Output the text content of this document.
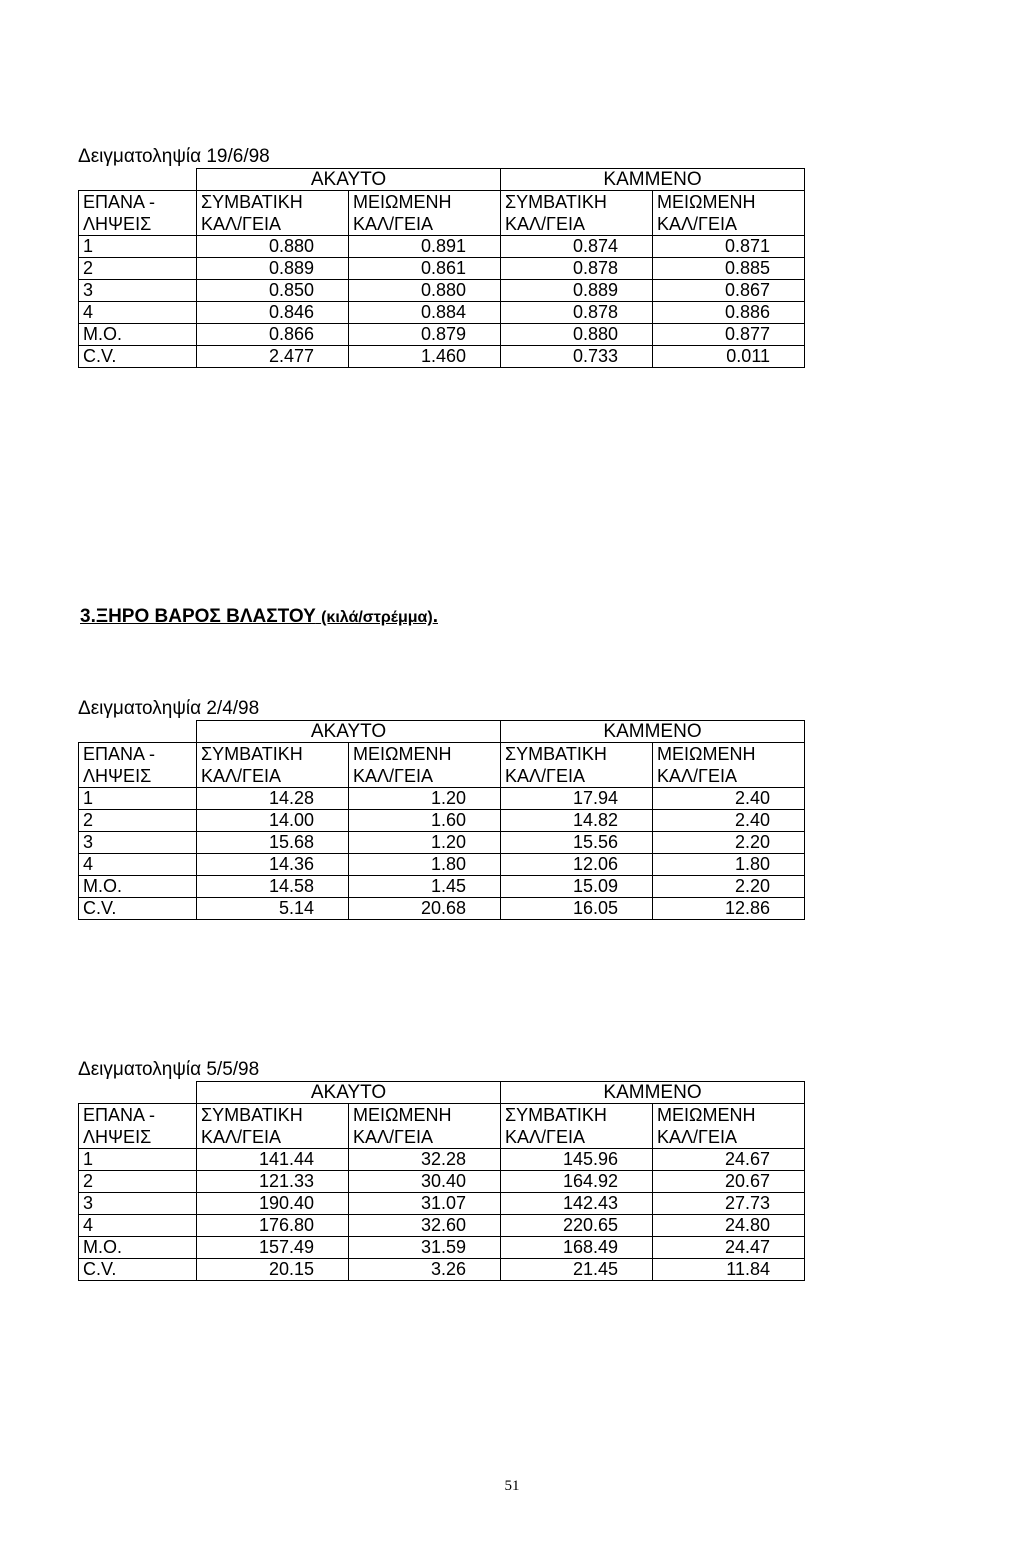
Δειγματοληψία 19/6/98

	ΑΚΑΥΤΟ		ΚΑΜΜΕΝΟ	
ΕΠΑΝΑ -	ΣΥΜΒΑΤΙΚΗ	ΜΕΙΩΜΕΝΗ	ΣΥΜΒΑΤΙΚΗ	ΜΕΙΩΜΕΝΗ
ΛΗΨΕΙΣ	ΚΑΛ/ΓΕΙΑ	ΚΑΛ/ΓΕΙΑ	ΚΑΛ/ΓΕΙΑ	ΚΑΛ/ΓΕΙΑ
1	0.880	0.891	0.874	0.871
2	0.889	0.861	0.878	0.885
3	0.850	0.880	0.889	0.867
4	0.846	0.884	0.878	0.886
Μ.Ο.	0.866	0.879	0.880	0.877
C.V.	2.477	1.460	0.733	0.011
3.ΞΗΡΟ ΒΑΡΟΣ ΒΛΑΣΤΟΥ (κιλά/στρέμμα).

Δειγματοληψία 2/4/98

	ΑΚΑΥΤΟ		ΚΑΜΜΕΝΟ	
ΕΠΑΝΑ -	ΣΥΜΒΑΤΙΚΗ	ΜΕΙΩΜΕΝΗ	ΣΥΜΒΑΤΙΚΗ	ΜΕΙΩΜΕΝΗ
ΛΗΨΕΙΣ	ΚΑΛ/ΓΕΙΑ	ΚΑΛ/ΓΕΙΑ	ΚΑΛ/ΓΕΙΑ	ΚΑΛ/ΓΕΙΑ
1	14.28	1.20	17.94	2.40
2	14.00	1.60	14.82	2.40
3	15.68	1.20	15.56	2.20
4	14.36	1.80	12.06	1.80
Μ.Ο.	14.58	1.45	15.09	2.20
C.V.	5.14	20.68	16.05	12.86

Δειγματοληψία 5/5/98

	ΑΚΑΥΤΟ		ΚΑΜΜΕΝΟ	
ΕΠΑΝΑ -	ΣΥΜΒΑΤΙΚΗ	ΜΕΙΩΜΕΝΗ	ΣΥΜΒΑΤΙΚΗ	ΜΕΙΩΜΕΝΗ
ΛΗΨΕΙΣ	ΚΑΛ/ΓΕΙΑ	ΚΑΛ/ΓΕΙΑ	ΚΑΛ/ΓΕΙΑ	ΚΑΛ/ΓΕΙΑ
1	141.44	32.28	145.96	24.67
2	121.33	30.40	164.92	20.67
3	190.40	31.07	142.43	27.73
4	176.80	32.60	220.65	24.80
Μ.Ο.	157.49	31.59	168.49	24.47
C.V.	20.15	3.26	21.45	11.84
51
